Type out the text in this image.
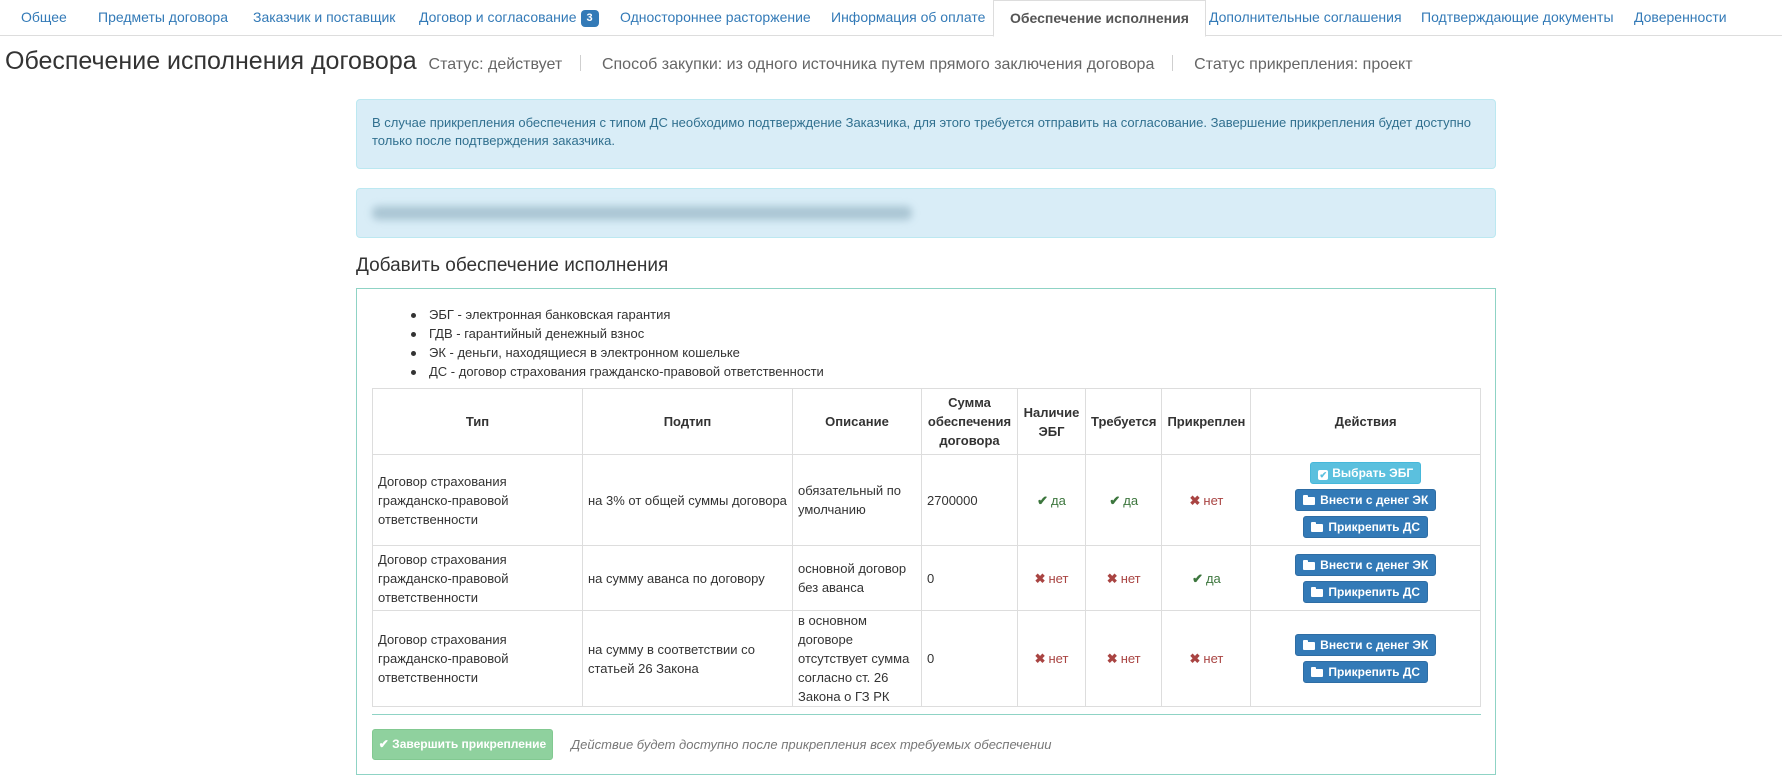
Общее	Предметы договора	Заказчик и поставщик	Договор и согласование 3	Одностороннее расторжение	Информация об оплате	Обеспечение исполнения	Дополнительные соглашения	Подтверждающие документы	Доверенности
Обеспечение исполнения договора Статус: действует Способ закупки: из одного источника путем прямого заключения договора Статус прикрепления: проект
В случае прикрепления обеспечения с типом ДС необходимо подтверждение Заказчика, для этого требуется отправить на согласование. Завершение прикрепления будет доступно только после подтверждения заказчика.
Добавить обеспечение исполнения
ЭБГ - электронная банковская гарантия
ГДВ - гарантийный денежный взнос
ЭК - деньги, находящиеся в электронном кошельке
ДС - договор страхования гражданско-правовой ответственности
Тип	Подтип	Описание	Сумма обеспечения договора	Наличие ЭБГ	Требуется	Прикреплен	Действия
Договор страхования гражданско-правовой ответственности	на 3% от общей суммы договора	обязательный по умолчанию	2700000	✔ да	✔ да	✖ нет	✔ Выбрать ЭБГ
Внести с денег ЭК
Прикрепить ДС

Договор страхования гражданско-правовой ответственности	на сумму аванса по договору	основной договор без аванса	0	✖ нет	✖ нет	✔ да	Внести с денег ЭК
Прикрепить ДС

Договор страхования гражданско-правовой ответственности	на сумму в соответствии со статьей 26 Закона	в основном договоре отсутствует сумма согласно ст. 26 Закона о ГЗ РК	0	✖ нет	✖ нет	✖ нет	Внести с денег ЭК
Прикрепить ДС
✔ Завершить прикрепление	Действие будет доступно после прикрепления всех требуемых обеспечении
